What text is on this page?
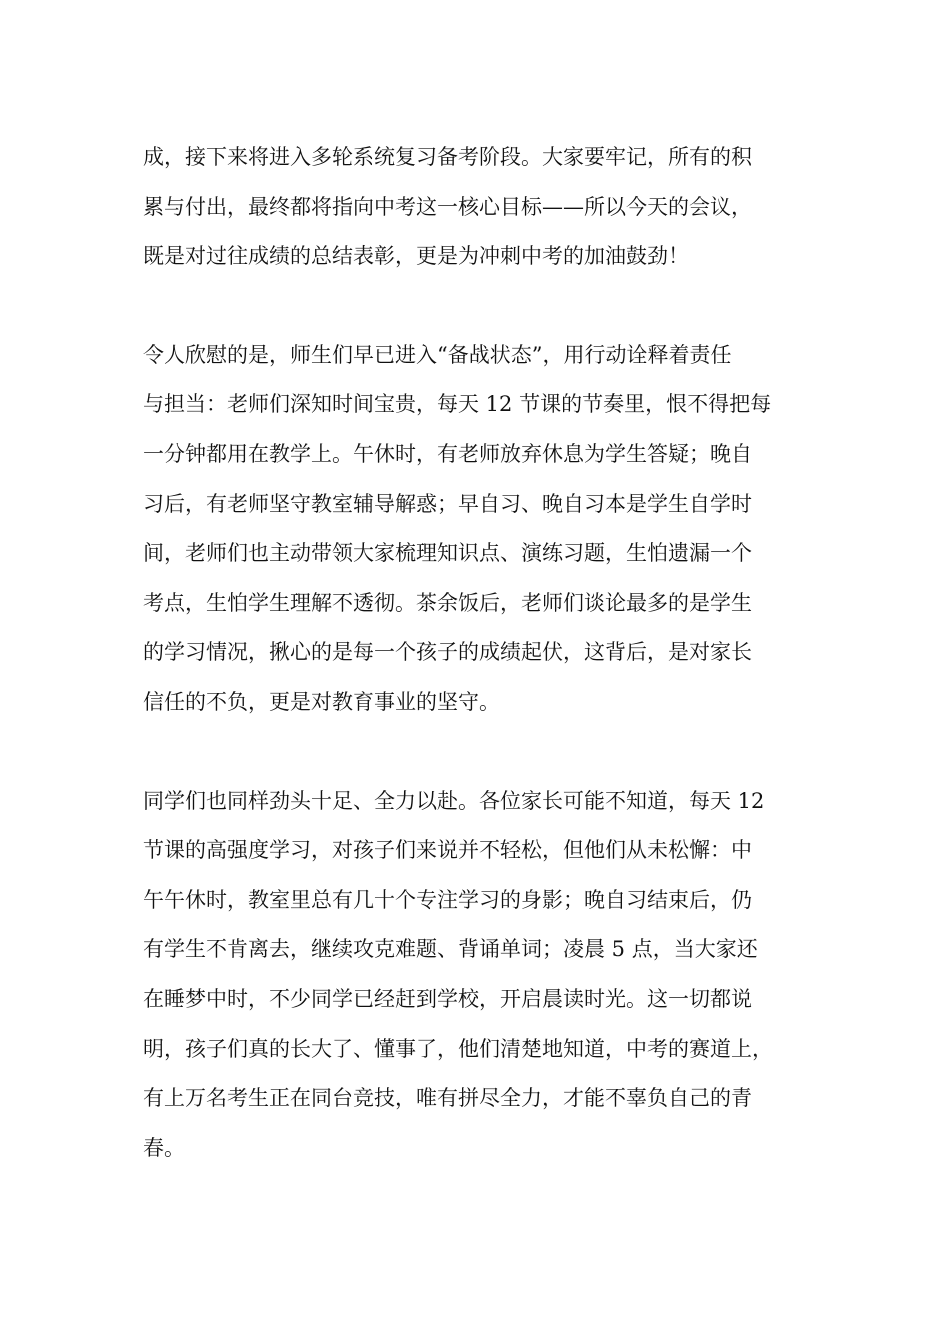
成，接下来将进入多轮系统复习备考阶段。大家要牢记，所有的积
累与付出，最终都将指向中考这一核心目标——所以今天的会议，
既是对过往成绩的总结表彰，更是为冲刺中考的加油鼓劲！

令人欣慰的是，师生们早已进入“备战状态”，用行动诠释着责任
与担当：老师们深知时间宝贵，每天 12 节课的节奏里，恨不得把每
一分钟都用在教学上。午休时，有老师放弃休息为学生答疑；晚自
习后，有老师坚守教室辅导解惑；早自习、晚自习本是学生自学时
间，老师们也主动带领大家梳理知识点、演练习题，生怕遗漏一个
考点，生怕学生理解不透彻。茶余饭后，老师们谈论最多的是学生
的学习情况，揪心的是每一个孩子的成绩起伏，这背后，是对家长
信任的不负，更是对教育事业的坚守。

同学们也同样劲头十足、全力以赴。各位家长可能不知道，每天 12
节课的高强度学习，对孩子们来说并不轻松，但他们从未松懈：中
午午休时，教室里总有几十个专注学习的身影；晚自习结束后，仍
有学生不肯离去，继续攻克难题、背诵单词；凌晨 5 点，当大家还
在睡梦中时，不少同学已经赶到学校，开启晨读时光。这一切都说
明，孩子们真的长大了、懂事了，他们清楚地知道，中考的赛道上，
有上万名考生正在同台竞技，唯有拼尽全力，才能不辜负自己的青
春。
